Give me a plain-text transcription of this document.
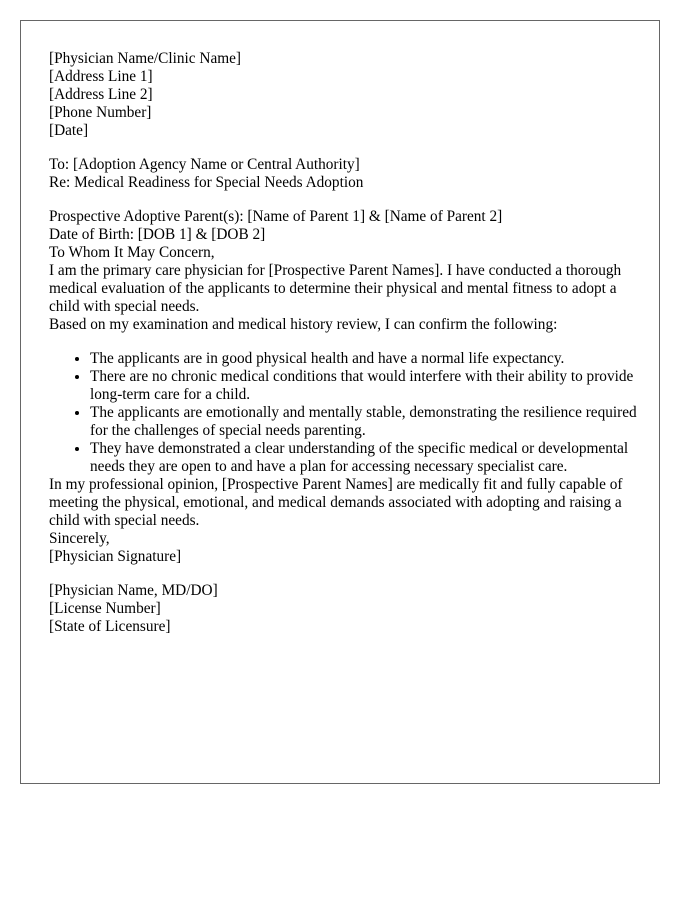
[Physician Name/Clinic Name]
[Address Line 1]
[Address Line 2]
[Phone Number]
[Date]
To: [Adoption Agency Name or Central Authority]
Re: Medical Readiness for Special Needs Adoption
Prospective Adoptive Parent(s): [Name of Parent 1] & [Name of Parent 2]
Date of Birth: [DOB 1] & [DOB 2]

To Whom It May Concern,

I am the primary care physician for [Prospective Parent Names]. I have conducted a thorough medical evaluation of the applicants to determine their physical and mental fitness to adopt a child with special needs.

Based on my examination and medical history review, I can confirm the following:

• The applicants are in good physical health and have a normal life expectancy.
• There are no chronic medical conditions that would interfere with their ability to provide long-term care for a child.
• The applicants are emotionally and mentally stable, demonstrating the resilience required for the challenges of special needs parenting.
• They have demonstrated a clear understanding of the specific medical or developmental needs they are open to and have a plan for accessing necessary specialist care.

In my professional opinion, [Prospective Parent Names] are medically fit and fully capable of meeting the physical, emotional, and medical demands associated with adopting and raising a child with special needs.

Sincerely,

[Physician Signature]

[Physician Name, MD/DO]
[License Number]
[State of Licensure]
